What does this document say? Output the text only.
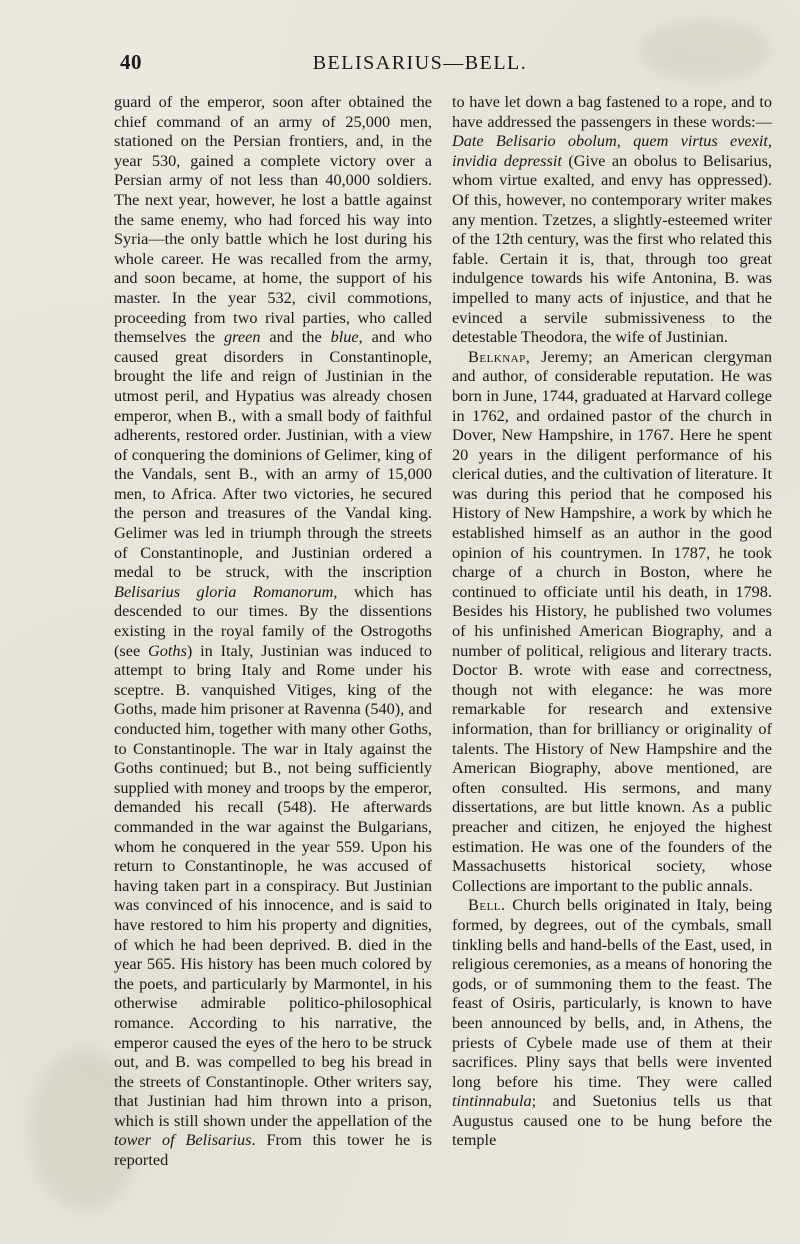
40	BELISARIUS—BELL.

guard of the emperor, soon after obtained the chief command of an army of 25,000 men, stationed on the Persian frontiers, and, in the year 530, gained a complete victory over a Persian army of not less than 40,000 soldiers. The next year, however, he lost a battle against the same enemy, who had forced his way into Syria—the only battle which he lost during his whole career. He was recalled from the army, and soon became, at home, the support of his master. In the year 532, civil commotions, proceeding from two rival parties, who called themselves the green and the blue, and who caused great disorders in Constantinople, brought the life and reign of Justinian in the utmost peril, and Hypatius was already chosen emperor, when B., with a small body of faithful adherents, restored order. Justinian, with a view of conquering the dominions of Gelimer, king of the Vandals, sent B., with an army of 15,000 men, to Africa. After two victories, he secured the person and treasures of the Vandal king. Gelimer was led in triumph through the streets of Constantinople, and Justinian ordered a medal to be struck, with the inscription Belisarius gloria Romanorum, which has descended to our times. By the dissentions existing in the royal family of the Ostrogoths (see Goths) in Italy, Justinian was induced to attempt to bring Italy and Rome under his sceptre. B. vanquished Vitiges, king of the Goths, made him prisoner at Ravenna (540), and conducted him, together with many other Goths, to Constantinople. The war in Italy against the Goths continued; but B., not being sufficiently supplied with money and troops by the emperor, demanded his recall (548). He afterwards commanded in the war against the Bulgarians, whom he conquered in the year 559. Upon his return to Constantinople, he was accused of having taken part in a conspiracy. But Justinian was convinced of his innocence, and is said to have restored to him his property and dignities, of which he had been deprived. B. died in the year 565. His history has been much colored by the poets, and particularly by Marmontel, in his otherwise admirable politico-philosophical romance. According to his narrative, the emperor caused the eyes of the hero to be struck out, and B. was compelled to beg his bread in the streets of Constantinople. Other writers say, that Justinian had him thrown into a prison, which is still shown under the appellation of the tower of Belisarius. From this tower he is reported

to have let down a bag fastened to a rope, and to have addressed the passengers in these words:—Date Belisario obolum, quem virtus evexit, invidia depressit (Give an obolus to Belisarius, whom virtue exalted, and envy has oppressed). Of this, however, no contemporary writer makes any mention. Tzetzes, a slightly-esteemed writer of the 12th century, was the first who related this fable. Certain it is, that, through too great indulgence towards his wife Antonina, B. was impelled to many acts of injustice, and that he evinced a servile submissiveness to the detestable Theodora, the wife of Justinian.

Belknap, Jeremy; an American clergyman and author, of considerable reputation. He was born in June, 1744, graduated at Harvard college in 1762, and ordained pastor of the church in Dover, New Hampshire, in 1767. Here he spent 20 years in the diligent performance of his clerical duties, and the cultivation of literature. It was during this period that he composed his History of New Hampshire, a work by which he established himself as an author in the good opinion of his countrymen. In 1787, he took charge of a church in Boston, where he continued to officiate until his death, in 1798. Besides his History, he published two volumes of his unfinished American Biography, and a number of political, religious and literary tracts. Doctor B. wrote with ease and correctness, though not with elegance: he was more remarkable for research and extensive information, than for brilliancy or originality of talents. The History of New Hampshire and the American Biography, above mentioned, are often consulted. His sermons, and many dissertations, are but little known. As a public preacher and citizen, he enjoyed the highest estimation. He was one of the founders of the Massachusetts historical society, whose Collections are important to the public annals.

Bell. Church bells originated in Italy, being formed, by degrees, out of the cymbals, small tinkling bells and hand-bells of the East, used, in religious ceremonies, as a means of honoring the gods, or of summoning them to the feast. The feast of Osiris, particularly, is known to have been announced by bells, and, in Athens, the priests of Cybele made use of them at their sacrifices. Pliny says that bells were invented long before his time. They were called tintinnabula; and Suetonius tells us that Augustus caused one to be hung before the temple
